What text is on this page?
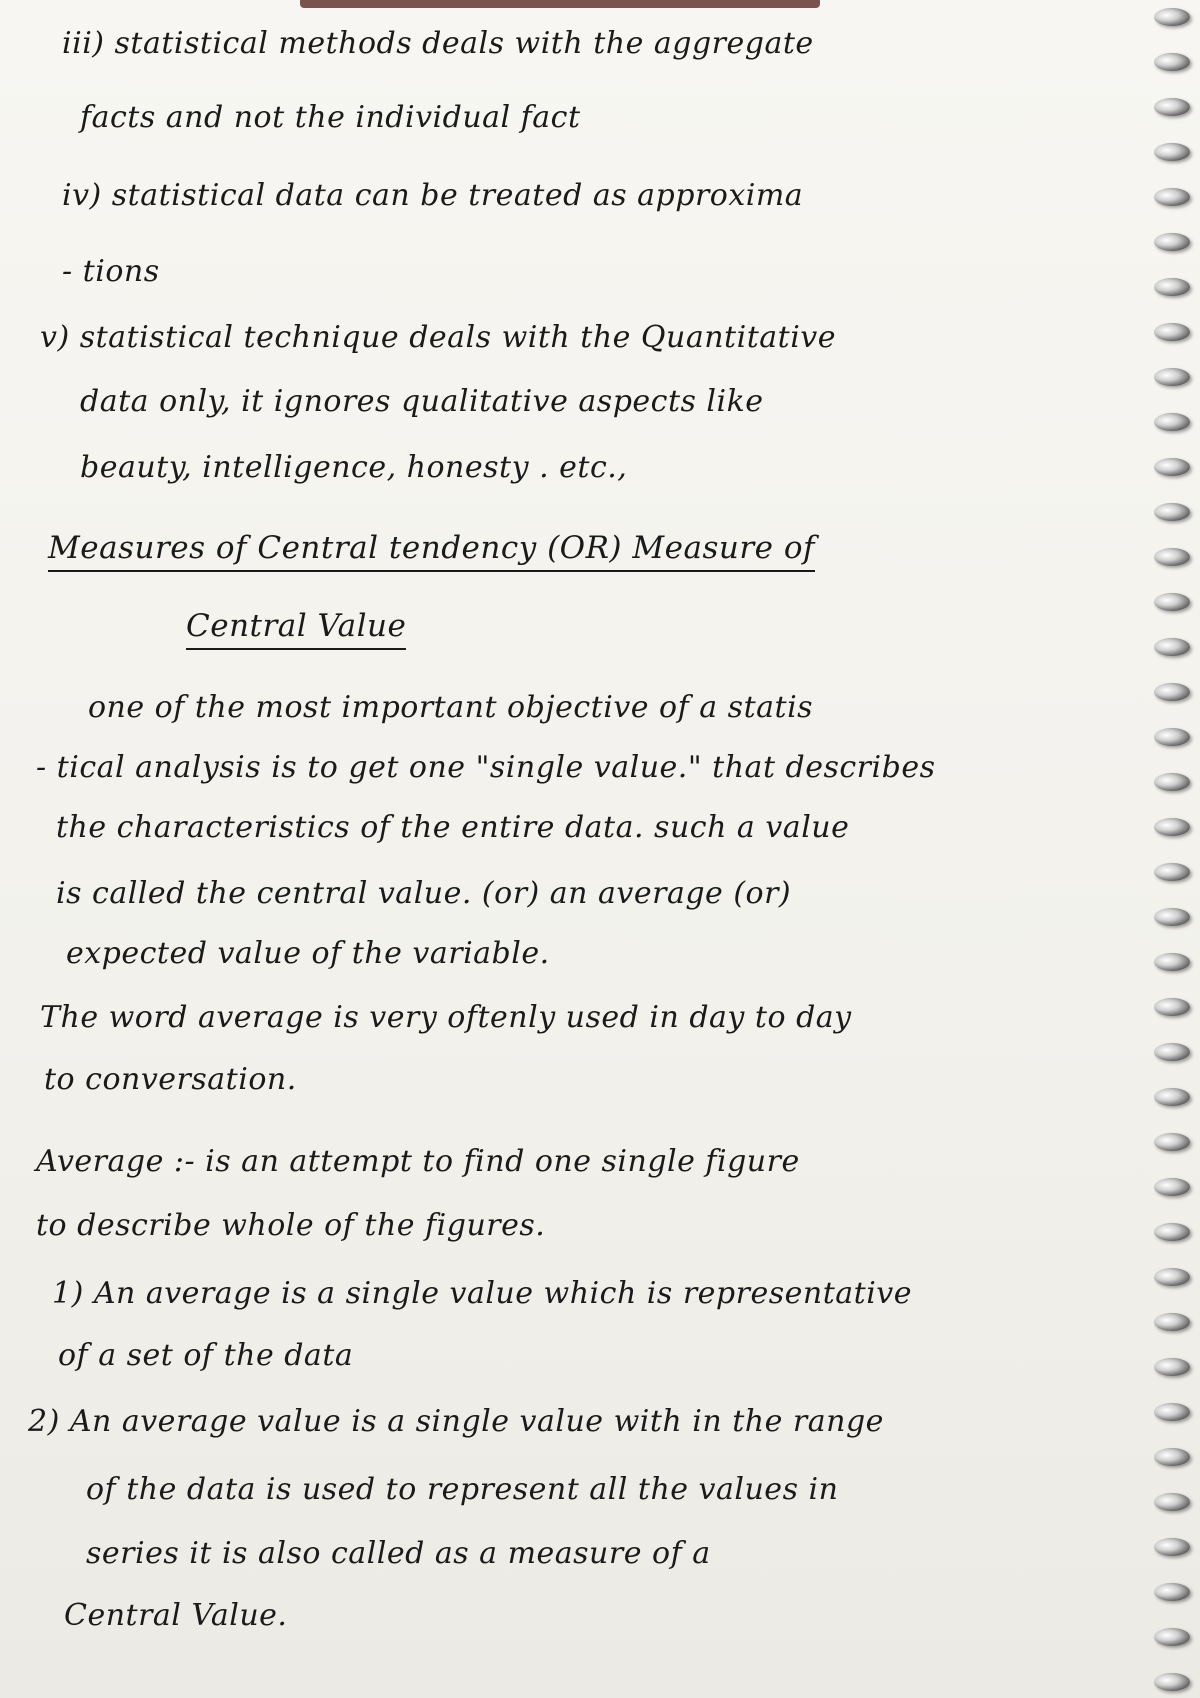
iii) statistical methods deals with the aggregate
facts and not the individual fact
iv) statistical data can be treated as approxima
- tions
v) statistical technique deals with the Quantitative
data only, it ignores qualitative aspects like
beauty, intelligence, honesty . etc.,
Measures of Central tendency (OR) Measure of
Central Value
one of the most important objective of a statis
- tical analysis is to get one "single value." that describes
the characteristics of the entire data. such a value
is called the central value. (or) an average (or)
expected value of the variable.
The word average is very oftenly used in day to day
to conversation.
Average :- is an attempt to find one single figure
to describe whole of the figures.
1) An average is a single value which is representative
of a set of the data
2) An average value is a single value with in the range
of the data is used to represent all the values in
series it is also called as a measure of a
Central Value.
